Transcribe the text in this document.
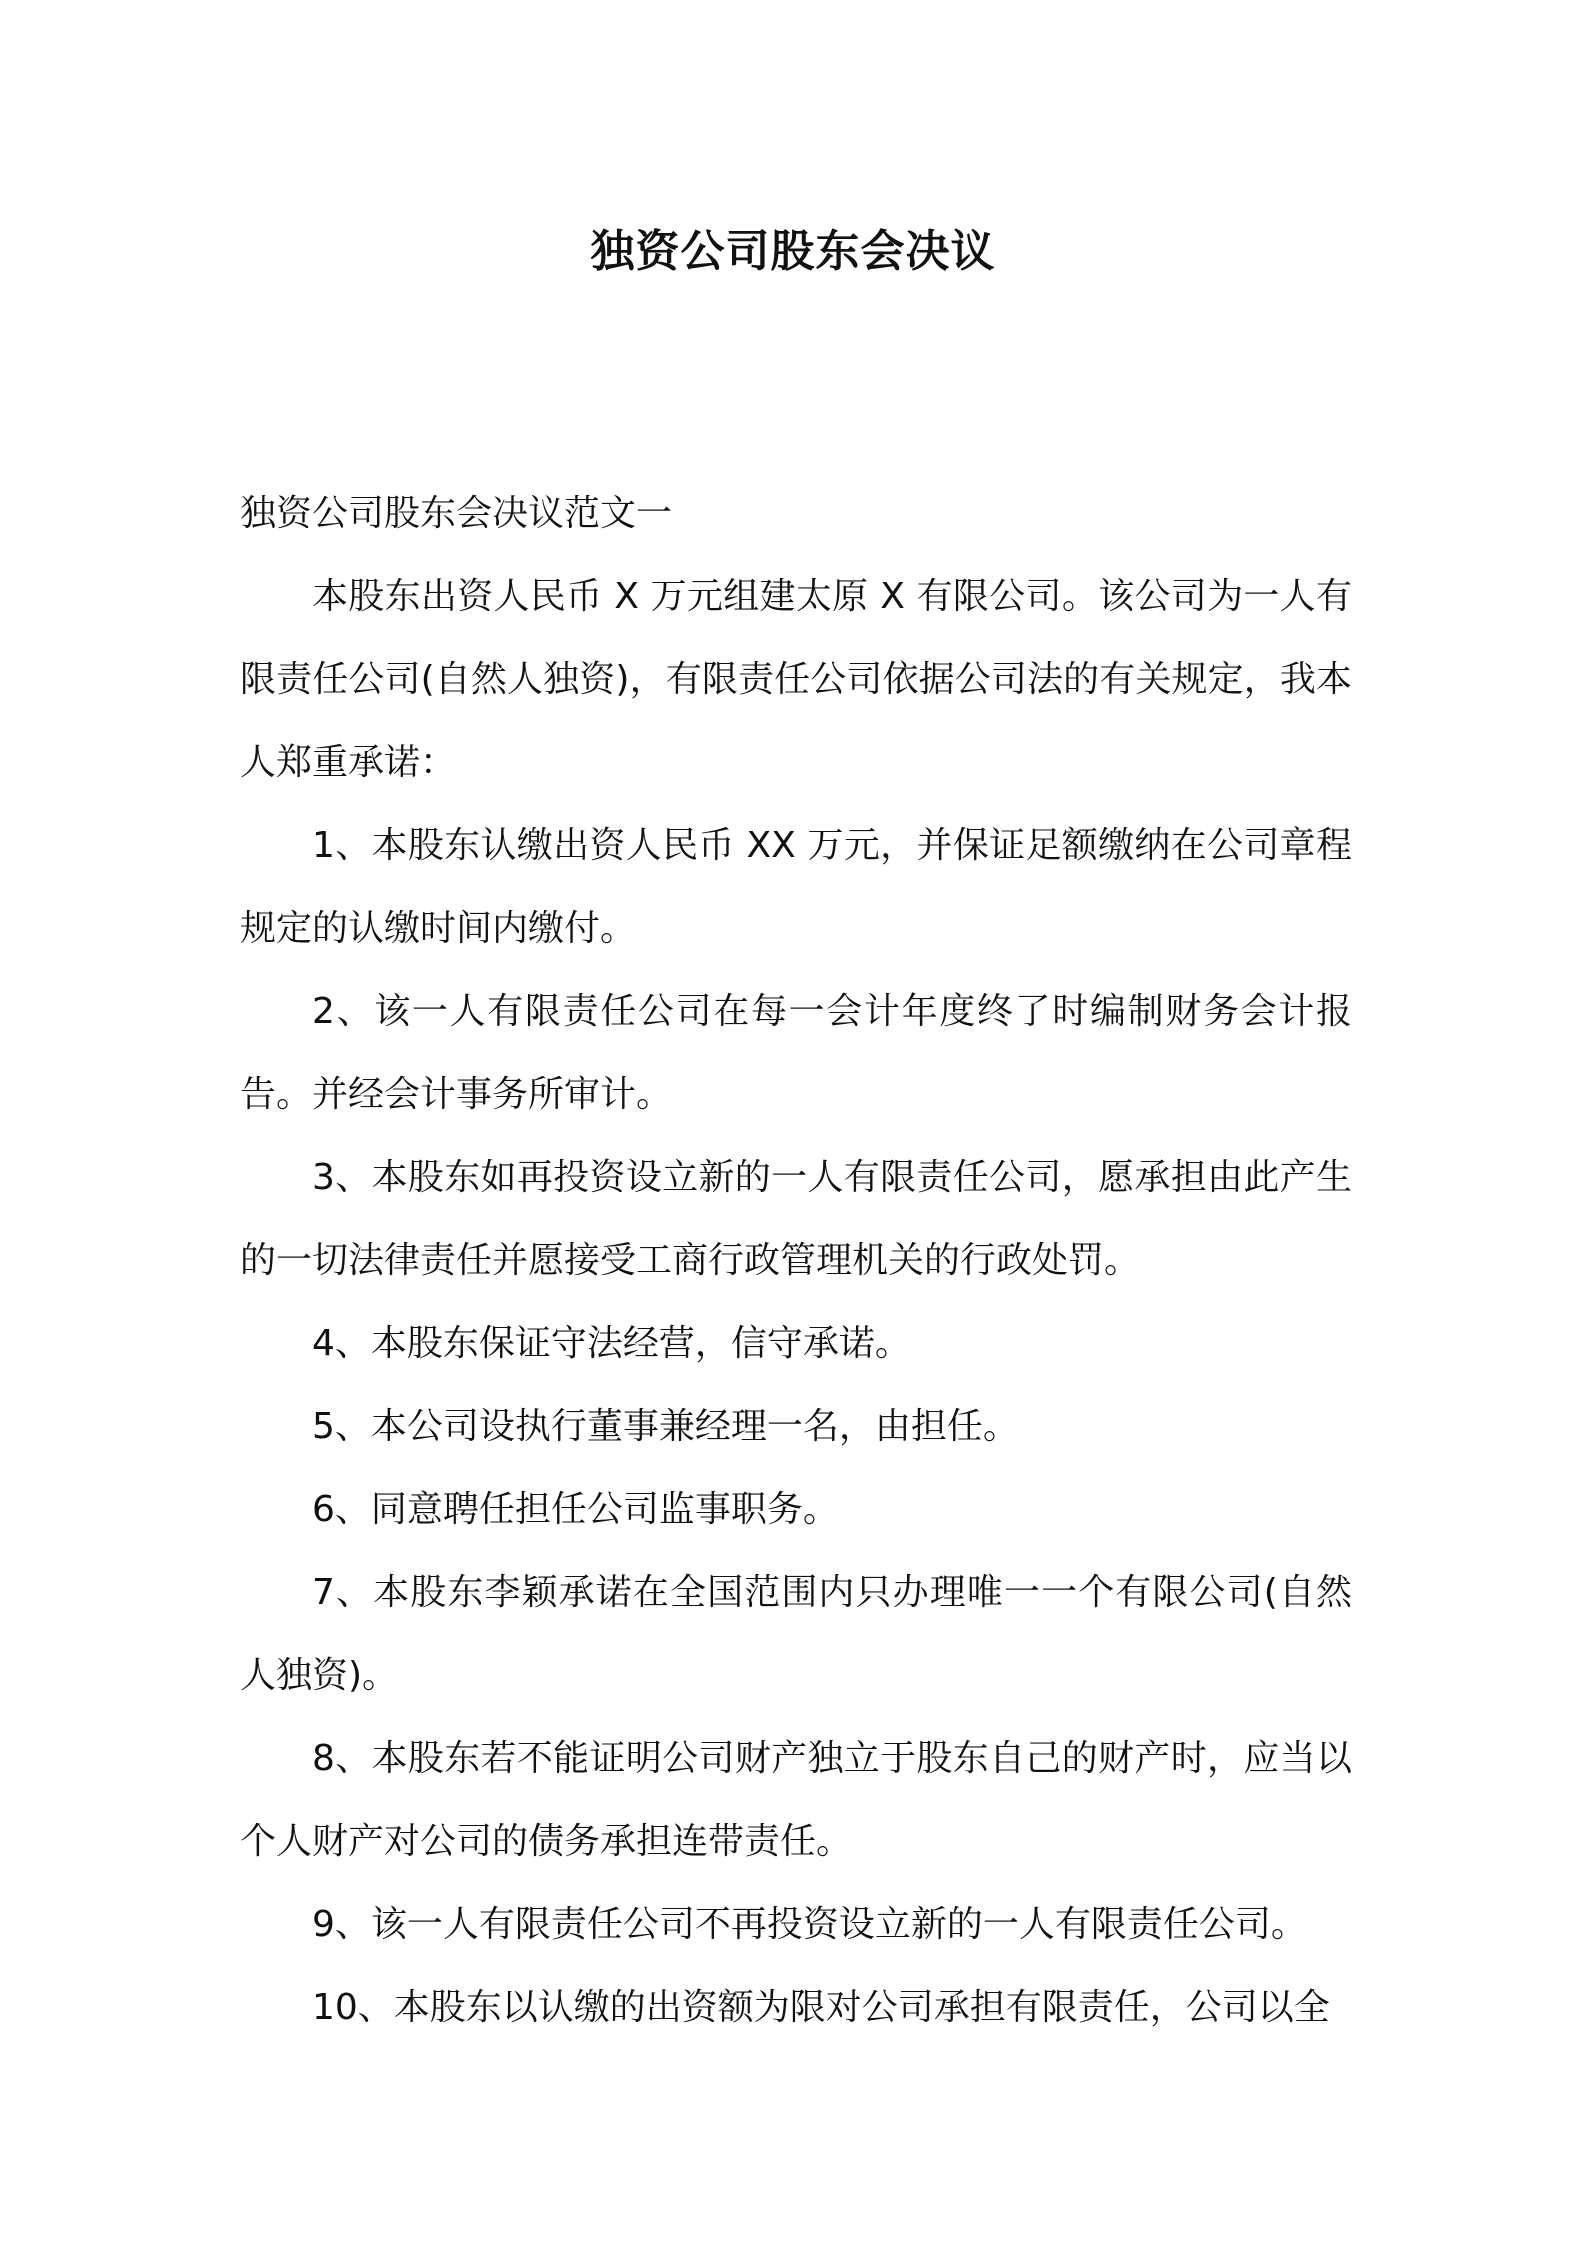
独资公司股东会决议

独资公司股东会决议范文一

本股东出资人民币 X 万元组建太原 X 有限公司。该公司为一人有限责任公司(自然人独资)，有限责任公司依据公司法的有关规定，我本人郑重承诺：

1、本股东认缴出资人民币 XX 万元，并保证足额缴纳在公司章程规定的认缴时间内缴付。

2、该一人有限责任公司在每一会计年度终了时编制财务会计报告。并经会计事务所审计。

3、本股东如再投资设立新的一人有限责任公司，愿承担由此产生的一切法律责任并愿接受工商行政管理机关的行政处罚。

4、本股东保证守法经营，信守承诺。

5、本公司设执行董事兼经理一名，由担任。

6、同意聘任担任公司监事职务。

7、本股东李颖承诺在全国范围内只办理唯一一个有限公司(自然人独资)。

8、本股东若不能证明公司财产独立于股东自己的财产时，应当以个人财产对公司的债务承担连带责任。

9、该一人有限责任公司不再投资设立新的一人有限责任公司。

10、本股东以认缴的出资额为限对公司承担有限责任，公司以全
